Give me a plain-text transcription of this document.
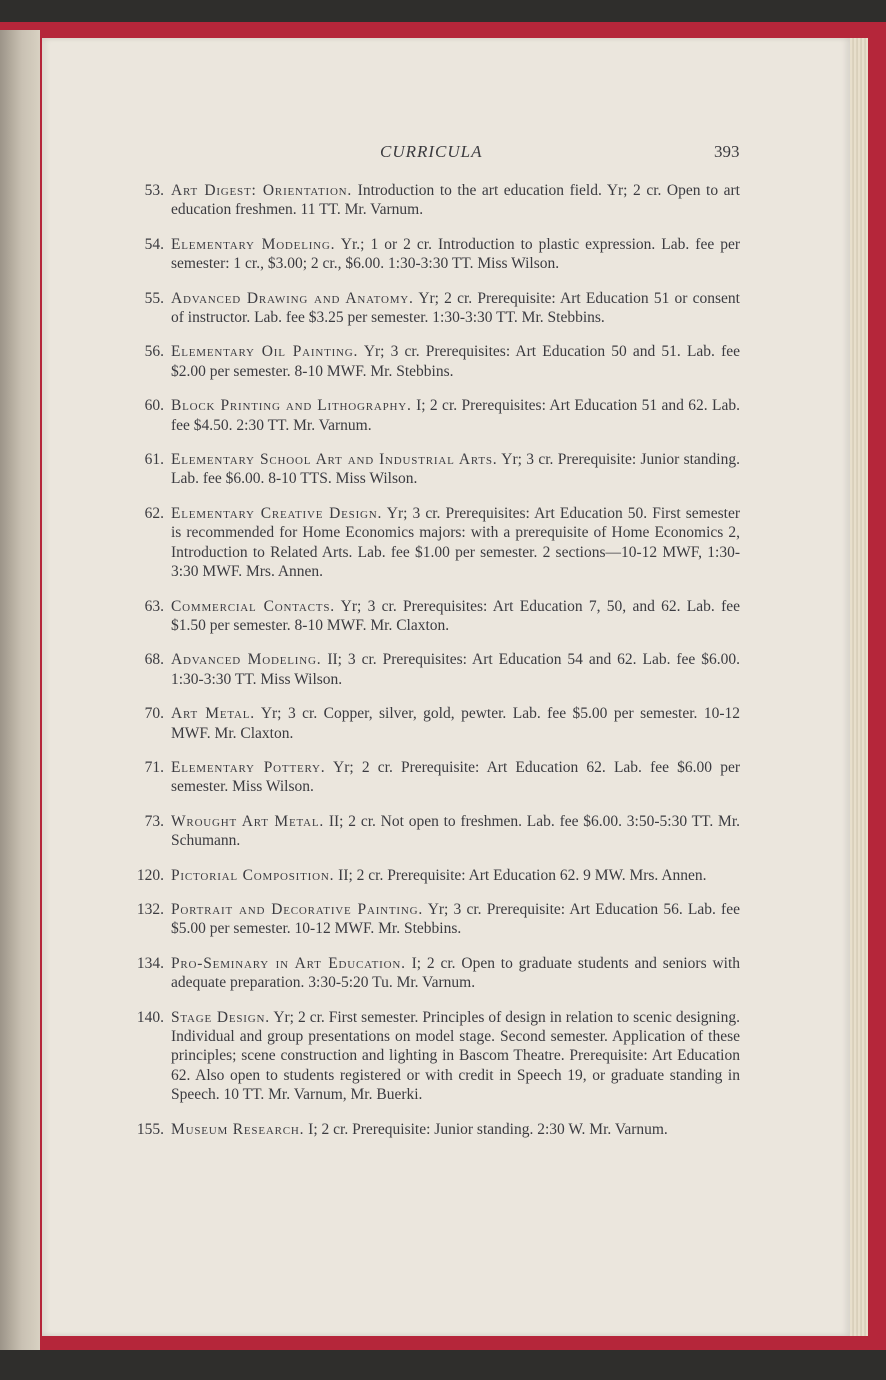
CURRICULA	393
53. Art Digest: Orientation. Introduction to the art education field. Yr; 2 cr. Open to art education freshmen. 11 TT. Mr. Varnum.
54. Elementary Modeling. Yr.; 1 or 2 cr. Introduction to plastic expression. Lab. fee per semester: 1 cr., $3.00; 2 cr., $6.00. 1:30-3:30 TT. Miss Wilson.
55. Advanced Drawing and Anatomy. Yr; 2 cr. Prerequisite: Art Education 51 or consent of instructor. Lab. fee $3.25 per semester. 1:30-3:30 TT. Mr. Stebbins.
56. Elementary Oil Painting. Yr; 3 cr. Prerequisites: Art Education 50 and 51. Lab. fee $2.00 per semester. 8-10 MWF. Mr. Stebbins.
60. Block Printing and Lithography. I; 2 cr. Prerequisites: Art Education 51 and 62. Lab. fee $4.50. 2:30 TT. Mr. Varnum.
61. Elementary School Art and Industrial Arts. Yr; 3 cr. Prerequisite: Junior standing. Lab. fee $6.00. 8-10 TTS. Miss Wilson.
62. Elementary Creative Design. Yr; 3 cr. Prerequisites: Art Education 50. First semester is recommended for Home Economics majors: with a prerequisite of Home Economics 2, Introduction to Related Arts. Lab. fee $1.00 per semester. 2 sections—10-12 MWF, 1:30-3:30 MWF. Mrs. Annen.
63. Commercial Contacts. Yr; 3 cr. Prerequisites: Art Education 7, 50, and 62. Lab. fee $1.50 per semester. 8-10 MWF. Mr. Claxton.
68. Advanced Modeling. II; 3 cr. Prerequisites: Art Education 54 and 62. Lab. fee $6.00. 1:30-3:30 TT. Miss Wilson.
70. Art Metal. Yr; 3 cr. Copper, silver, gold, pewter. Lab. fee $5.00 per semester. 10-12 MWF. Mr. Claxton.
71. Elementary Pottery. Yr; 2 cr. Prerequisite: Art Education 62. Lab. fee $6.00 per semester. Miss Wilson.
73. Wrought Art Metal. II; 2 cr. Not open to freshmen. Lab. fee $6.00. 3:50-5:30 TT. Mr. Schumann.
120. Pictorial Composition. II; 2 cr. Prerequisite: Art Education 62. 9 MW. Mrs. Annen.
132. Portrait and Decorative Painting. Yr; 3 cr. Prerequisite: Art Education 56. Lab. fee $5.00 per semester. 10-12 MWF. Mr. Stebbins.
134. Pro-Seminary in Art Education. I; 2 cr. Open to graduate students and seniors with adequate preparation. 3:30-5:20 Tu. Mr. Varnum.
140. Stage Design. Yr; 2 cr. First semester. Principles of design in relation to scenic designing. Individual and group presentations on model stage. Second semester. Application of these principles; scene construction and lighting in Bascom Theatre. Prerequisite: Art Education 62. Also open to students registered or with credit in Speech 19, or graduate standing in Speech. 10 TT. Mr. Varnum, Mr. Buerki.
155. Museum Research. I; 2 cr. Prerequisite: Junior standing. 2:30 W. Mr. Varnum.
